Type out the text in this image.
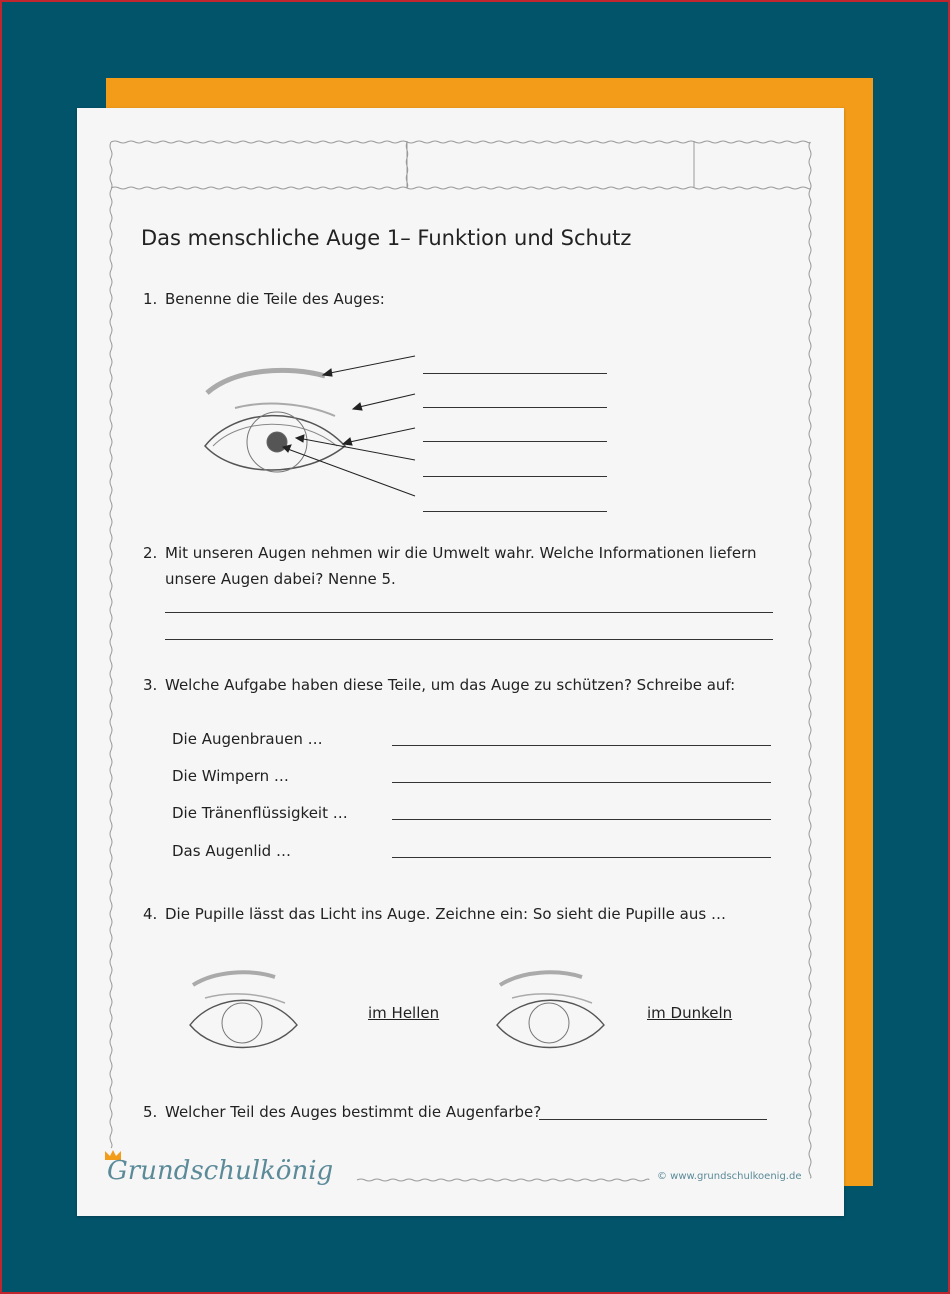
Das menschliche Auge 1– Funktion und Schutz
1. Benenne die Teile des Auges:
2. Mit unseren Augen nehmen wir die Umwelt wahr. Welche Informationen liefern
unsere Augen dabei? Nenne 5.
3. Welche Aufgabe haben diese Teile, um das Auge zu schützen? Schreibe auf:
Die Augenbrauen …
Die Wimpern …
Die Tränenflüssigkeit …
Das Augenlid …
4. Die Pupille lässt das Licht ins Auge. Zeichne ein: So sieht die Pupille aus …
im Hellen	im Dunkeln
5. Welcher Teil des Auges bestimmt die Augenfarbe?
Grundschulkönig	© www.grundschulkoenig.de
